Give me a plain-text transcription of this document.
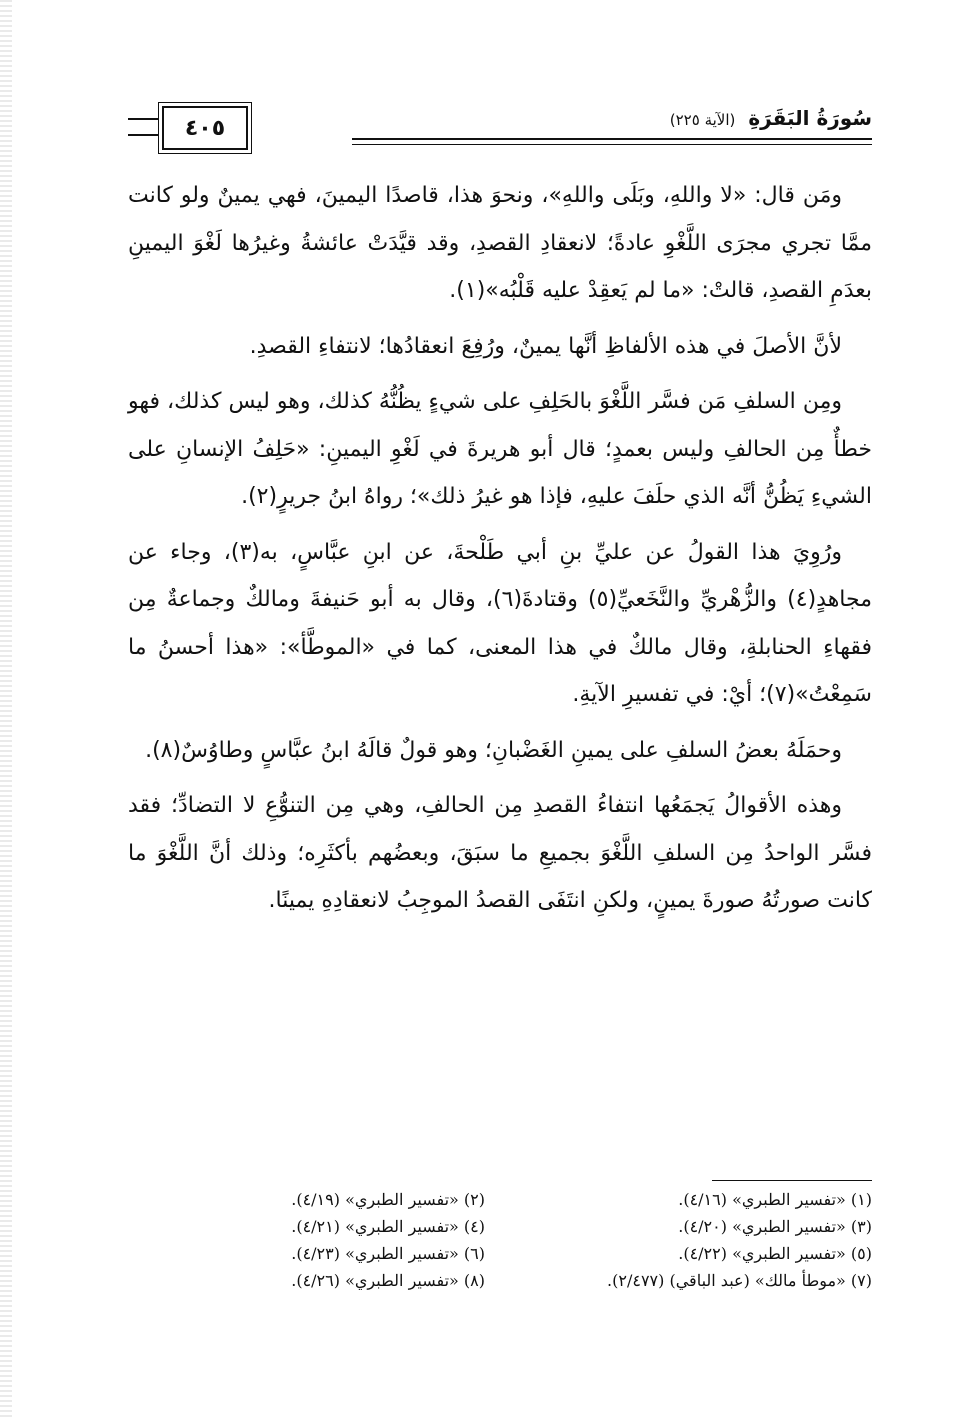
سُورَةُ البَقَرَةِ (الآية ٢٢٥)
٤٠٥

ومَن قال: «لا واللهِ، وبَلَى واللهِ»، ونحوَ هذا، قاصدًا اليمينَ، فهي يمينٌ ولو كانت ممَّا تجري مجرَى اللَّغْوِ عادةً؛ لانعقادِ القصدِ، وقد قيَّدَتْ عائشةُ وغيرُها لَغْوَ اليمينِ بعدَمِ القصدِ، قالتْ: «ما لم يَعقِدْ عليه قَلْبُه»(١).

لأنَّ الأصلَ في هذه الألفاظِ أنَّها يمينٌ، ورُفِعَ انعقادُها؛ لانتفاءِ القصدِ.

ومِن السلفِ مَن فسَّر اللَّغْوَ بالحَلِفِ على شيءٍ يظُنُّهُ كذلك، وهو ليس كذلك، فهو خطأٌ مِن الحالفِ وليس بعمدٍ؛ قال أبو هريرةَ في لَغْوِ اليمينِ: «حَلِفُ الإنسانِ على الشيءِ يَظُنُّ أنَّه الذي حلَفَ عليهِ، فإذا هو غيرُ ذلك»؛ رواهُ ابنُ جريرٍ(٢).

ورُوِيَ هذا القولُ عن عليِّ بنِ أبي طَلْحةَ، عن ابنِ عبَّاسٍ، به(٣)، وجاء عن مجاهدٍ(٤) والزُّهْريِّ والنَّخَعيِّ(٥) وقتادةَ(٦)، وقال به أبو حَنيفةَ ومالكٌ وجماعةٌ مِن فقهاءِ الحنابلةِ، وقال مالكٌ في هذا المعنى، كما في «الموطَّأ»: «هذا أحسنُ ما سَمِعْتُ»(٧)؛ أيْ: في تفسيرِ الآيةِ.

وحمَلَهُ بعضُ السلفِ على يمينِ الغَضْبانِ؛ وهو قولٌ قالَهُ ابنُ عبَّاسٍ وطاوُسٌ(٨).

وهذه الأقوالُ يَجمَعُها انتفاءُ القصدِ مِن الحالفِ، وهي مِن التنوُّعِ لا التضادِّ؛ فقد فسَّر الواحدُ مِن السلفِ اللَّغْوَ بجميعِ ما سبَقَ، وبعضُهم بأكثَرِه؛ وذلك أنَّ اللَّغْوَ ما كانت صورتُهُ صورةَ يمينٍ، ولكنِ انتَفَى القصدُ الموجِبُ لانعقادِهِ يمينًا.

(١) «تفسير الطبري» (٤/١٦).
(٢) «تفسير الطبري» (٤/١٩).
(٣) «تفسير الطبري» (٤/٢٠).
(٤) «تفسير الطبري» (٤/٢١).
(٥) «تفسير الطبري» (٤/٢٢).
(٦) «تفسير الطبري» (٤/٢٣).
(٧) «موطأ مالك» (عبد الباقي) (٢/٤٧٧).
(٨) «تفسير الطبري» (٤/٢٦).
